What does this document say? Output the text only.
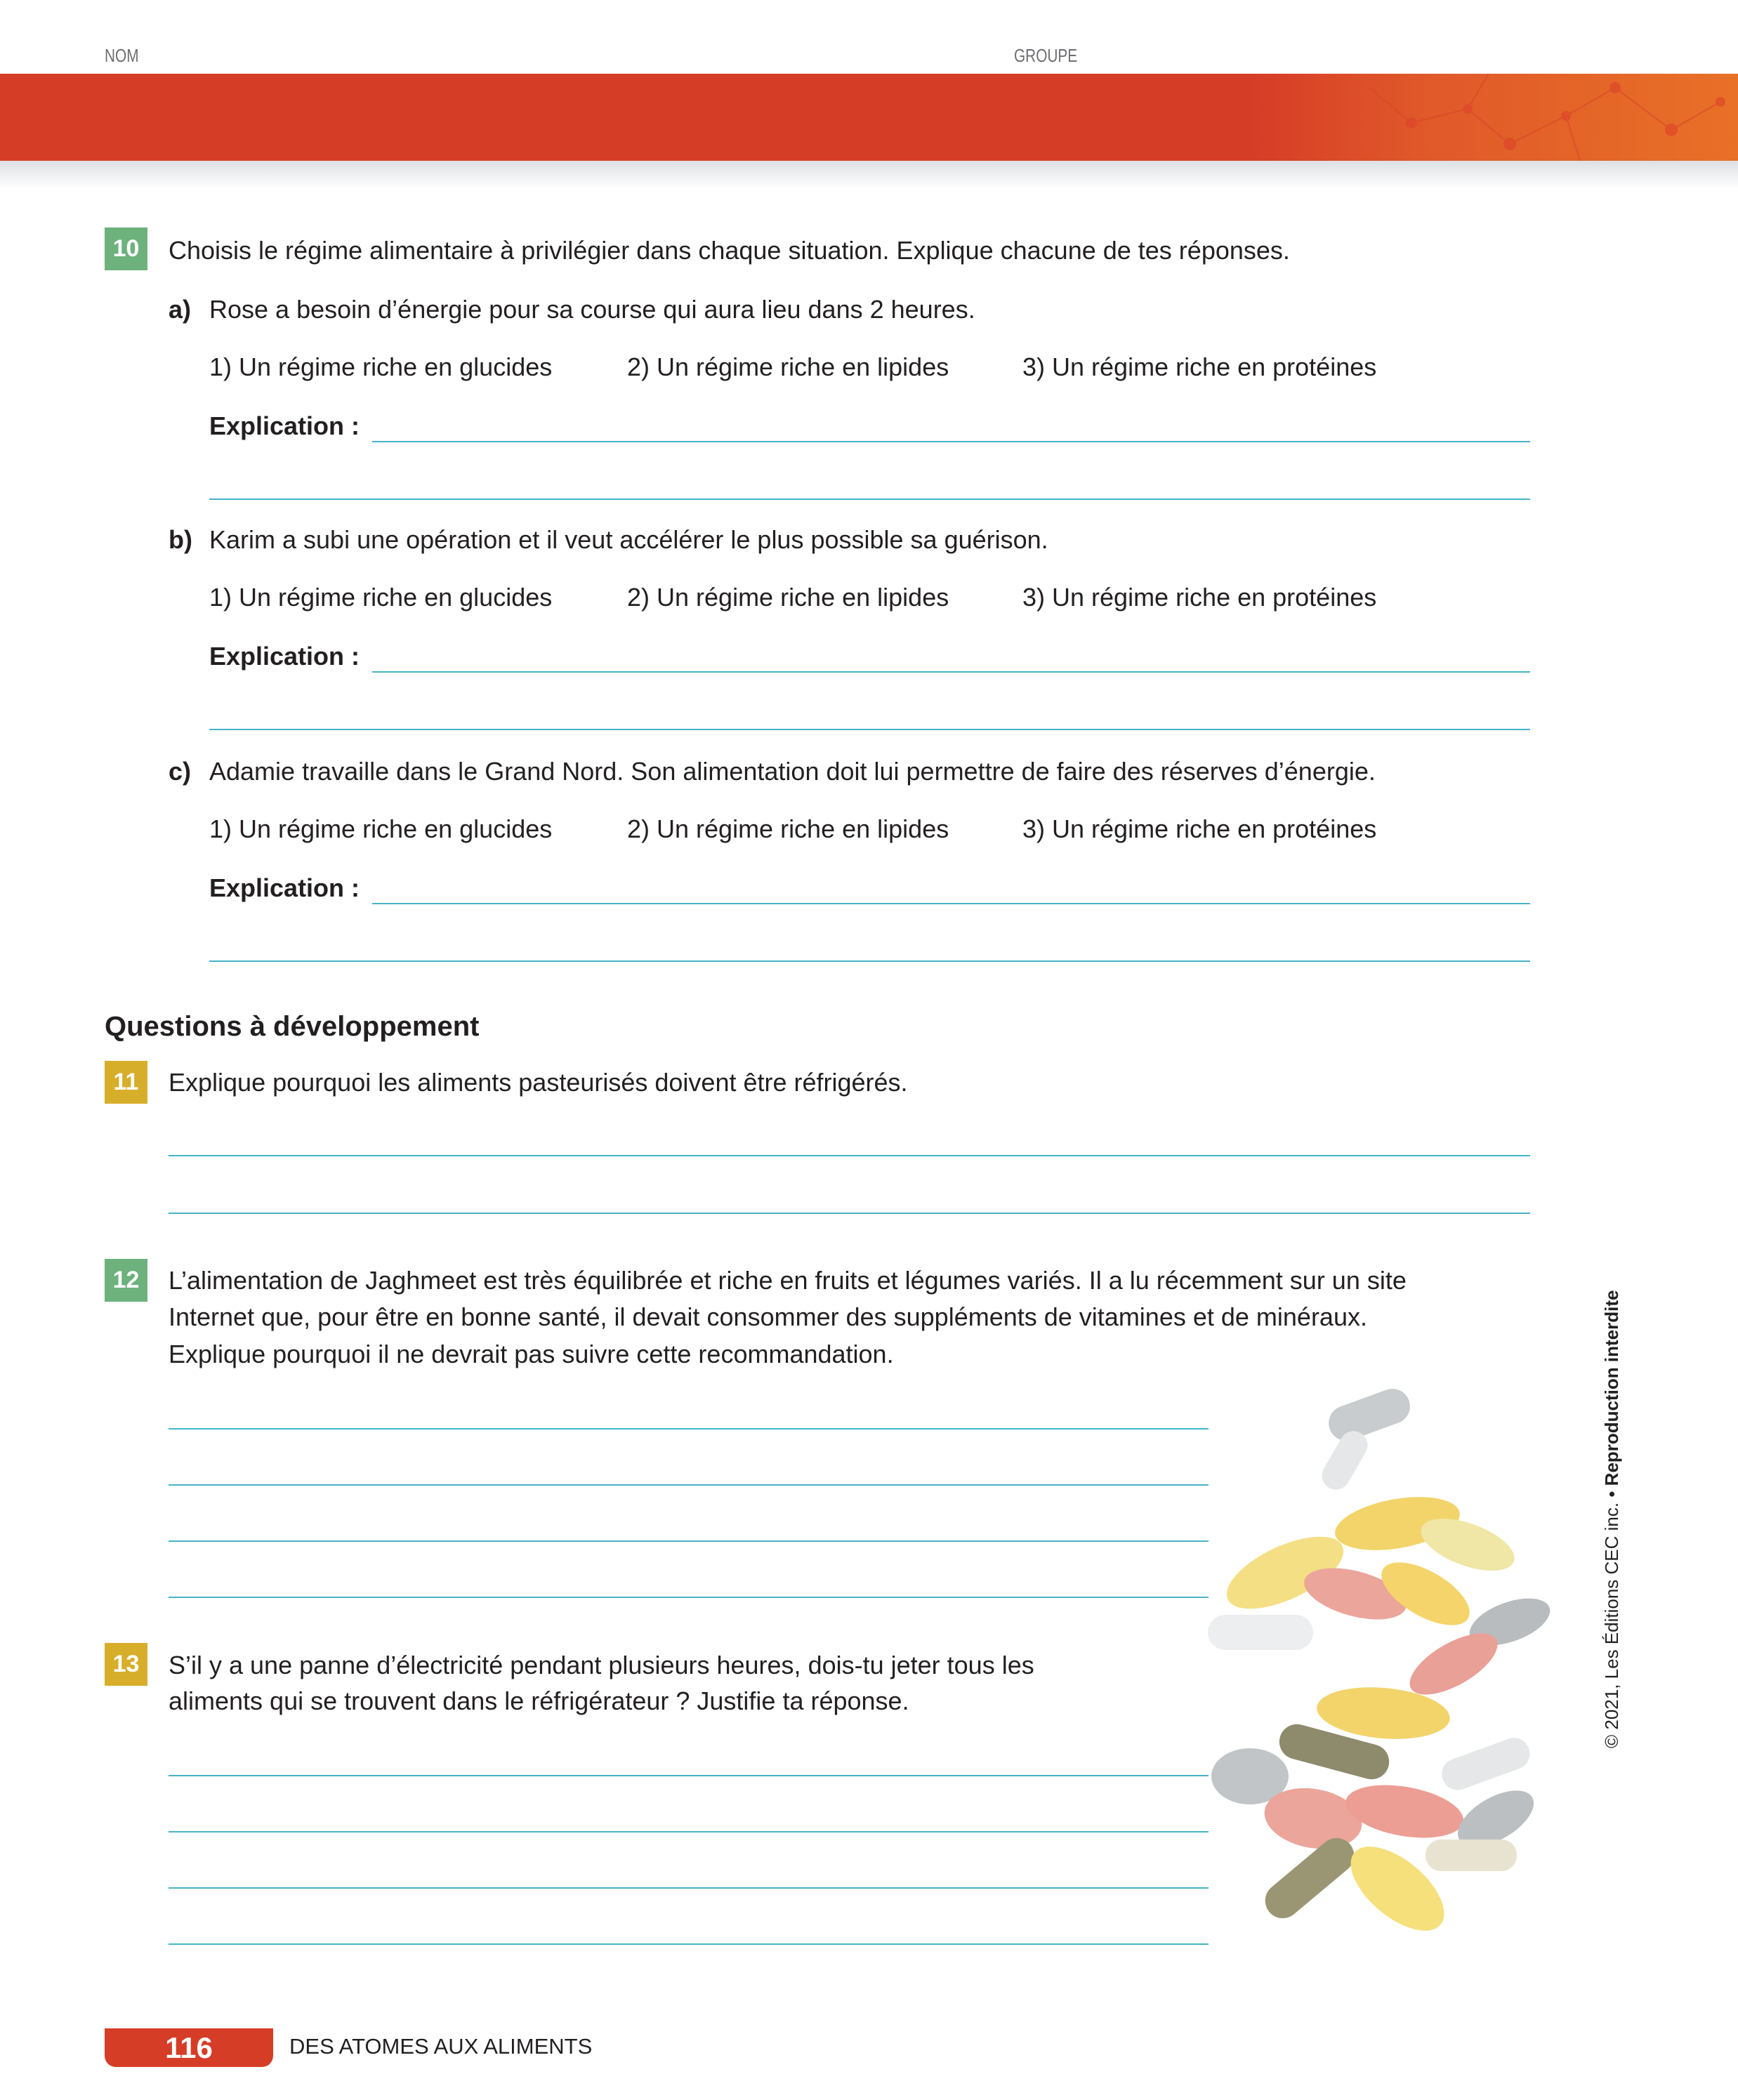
NOM	GROUPE
10	Choisis le régime alimentaire à privilégier dans chaque situation. Explique chacune de tes réponses.
a) Rose a besoin d’énergie pour sa course qui aura lieu dans 2 heures.
1) Un régime riche en glucides	2) Un régime riche en lipides	3) Un régime riche en protéines
Explication :
b) Karim a subi une opération et il veut accélérer le plus possible sa guérison.
1) Un régime riche en glucides	2) Un régime riche en lipides	3) Un régime riche en protéines
Explication :
c) Adamie travaille dans le Grand Nord. Son alimentation doit lui permettre de faire des réserves d’énergie.
1) Un régime riche en glucides	2) Un régime riche en lipides	3) Un régime riche en protéines
Explication :
Questions à développement
11	Explique pourquoi les aliments pasteurisés doivent être réfrigérés.
12	L’alimentation de Jaghmeet est très équilibrée et riche en fruits et légumes variés. Il a lu récemment sur un site
Internet que, pour être en bonne santé, il devait consommer des suppléments de vitamines et de minéraux.
Explique pourquoi il ne devrait pas suivre cette recommandation.
13	S’il y a une panne d’électricité pendant plusieurs heures, dois-tu jeter tous les
aliments qui se trouvent dans le réfrigérateur ? Justifie ta réponse.	© 2021, Les Éditions CEC inc. • Reproduction interdite
116	DES ATOMES AUX ALIMENTS
